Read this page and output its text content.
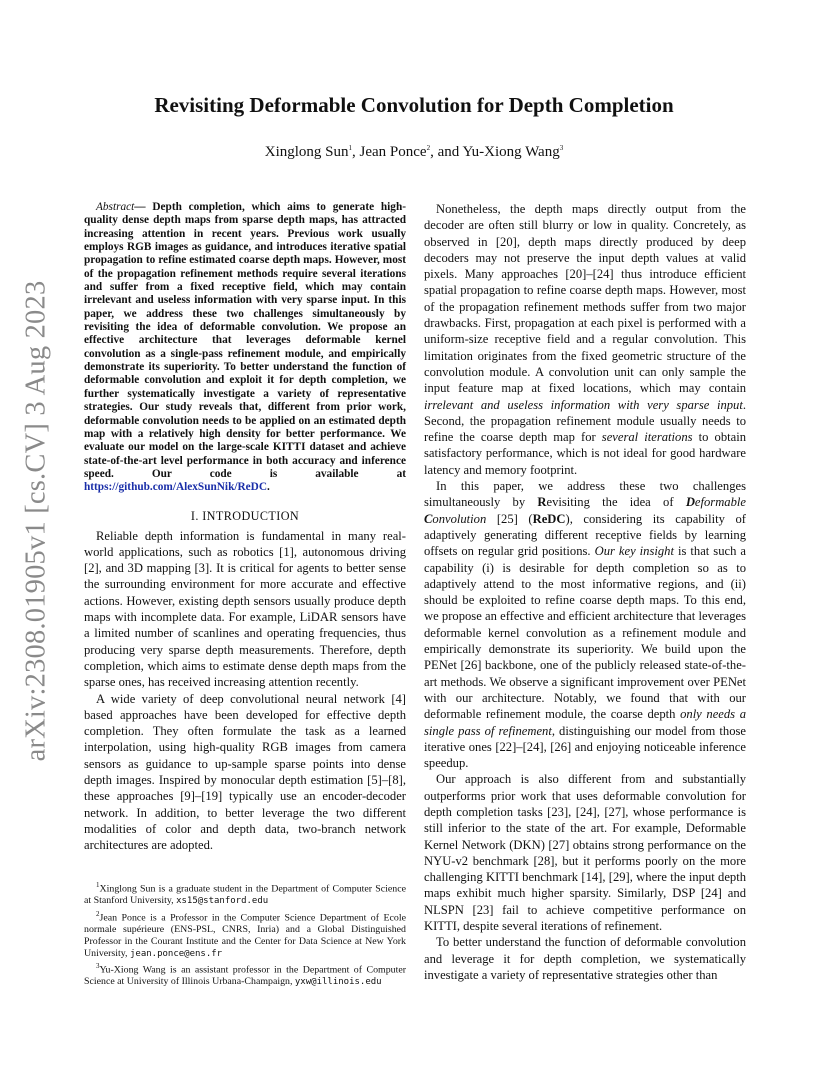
arXiv:2308.01905v1 [cs.CV] 3 Aug 2023
Revisiting Deformable Convolution for Depth Completion
Xinglong Sun$^1$, Jean Ponce$^2$, and Yu-Xiong Wang$^3$

Abstract— Depth completion, which aims to generate high-quality dense depth maps from sparse depth maps, has attracted increasing attention in recent years. Previous work usually employs RGB images as guidance, and introduces iterative spatial propagation to refine estimated coarse depth maps. However, most of the propagation refinement methods require several iterations and suffer from a fixed receptive field, which may contain irrelevant and useless information with very sparse input. In this paper, we address these two challenges simultaneously by revisiting the idea of deformable convolution. We propose an effective architecture that leverages deformable kernel convolution as a single-pass refinement module, and empirically demonstrate its superiority. To better understand the function of deformable convolution and exploit it for depth completion, we further systematically investigate a variety of representative strategies. Our study reveals that, different from prior work, deformable convolution needs to be applied on an estimated depth map with a relatively high density for better performance. We evaluate our model on the large-scale KITTI dataset and achieve state-of-the-art level performance in both accuracy and inference speed. Our code is available at https://github.com/AlexSunNik/ReDC.

I. INTRODUCTION

Reliable depth information is fundamental in many real-world applications, such as robotics [1], autonomous driving [2], and 3D mapping [3]. It is critical for agents to better sense the surrounding environment for more accurate and effective actions. However, existing depth sensors usually produce depth maps with incomplete data. For example, LiDAR sensors have a limited number of scanlines and operating frequencies, thus producing very sparse depth measurements. Therefore, depth completion, which aims to estimate dense depth maps from the sparse ones, has received increasing attention recently.

A wide variety of deep convolutional neural network [4] based approaches have been developed for effective depth completion. They often formulate the task as a learned interpolation, using high-quality RGB images from camera sensors as guidance to up-sample sparse points into dense depth images. Inspired by monocular depth estimation [5]–[8], these approaches [9]–[19] typically use an encoder-decoder network. In addition, to better leverage the two different modalities of color and depth data, two-branch network architectures are adopted.

$^1$Xinglong Sun is a graduate student in the Department of Computer Science at Stanford University, xs15@stanford.edu

$^2$Jean Ponce is a Professor in the Computer Science Department of Ecole normale supérieure (ENS-PSL, CNRS, Inria) and a Global Distinguished Professor in the Courant Institute and the Center for Data Science at New York University, jean.ponce@ens.fr

$^3$Yu-Xiong Wang is an assistant professor in the Department of Computer Science at University of Illinois Urbana-Champaign, yxw@illinois.edu

Nonetheless, the depth maps directly output from the decoder are often still blurry or low in quality. Concretely, as observed in [20], depth maps directly produced by deep decoders may not preserve the input depth values at valid pixels. Many approaches [20]–[24] thus introduce efficient spatial propagation to refine coarse depth maps. However, most of the propagation refinement methods suffer from two major drawbacks. First, propagation at each pixel is performed with a uniform-size receptive field and a regular convolution. This limitation originates from the fixed geometric structure of the convolution module. A convolution unit can only sample the input feature map at fixed locations, which may contain irrelevant and useless information with very sparse input. Second, the propagation refinement module usually needs to refine the coarse depth map for several iterations to obtain satisfactory performance, which is not ideal for good hardware latency and memory footprint.

In this paper, we address these two challenges simultaneously by Revisiting the idea of Deformable Convolution [25] (ReDC), considering its capability of adaptively generating different receptive fields by learning offsets on regular grid positions. Our key insight is that such a capability (i) is desirable for depth completion so as to adaptively attend to the most informative regions, and (ii) should be exploited to refine coarse depth maps. To this end, we propose an effective and efficient architecture that leverages deformable kernel convolution as a refinement module and empirically demonstrate its superiority. We build upon the PENet [26] backbone, one of the publicly released state-of-the-art methods. We observe a significant improvement over PENet with our architecture. Notably, we found that with our deformable refinement module, the coarse depth only needs a single pass of refinement, distinguishing our model from those iterative ones [22]–[24], [26] and enjoying noticeable inference speedup.

Our approach is also different from and substantially outperforms prior work that uses deformable convolution for depth completion tasks [23], [24], [27], whose performance is still inferior to the state of the art. For example, Deformable Kernel Network (DKN) [27] obtains strong performance on the NYU-v2 benchmark [28], but it performs poorly on the more challenging KITTI benchmark [14], [29], where the input depth maps exhibit much higher sparsity. Similarly, DSP [24] and NLSPN [23] fail to achieve competitive performance on KITTI, despite several iterations of refinement.

To better understand the function of deformable convolution and leverage it for depth completion, we systematically investigate a variety of representative strategies other than
